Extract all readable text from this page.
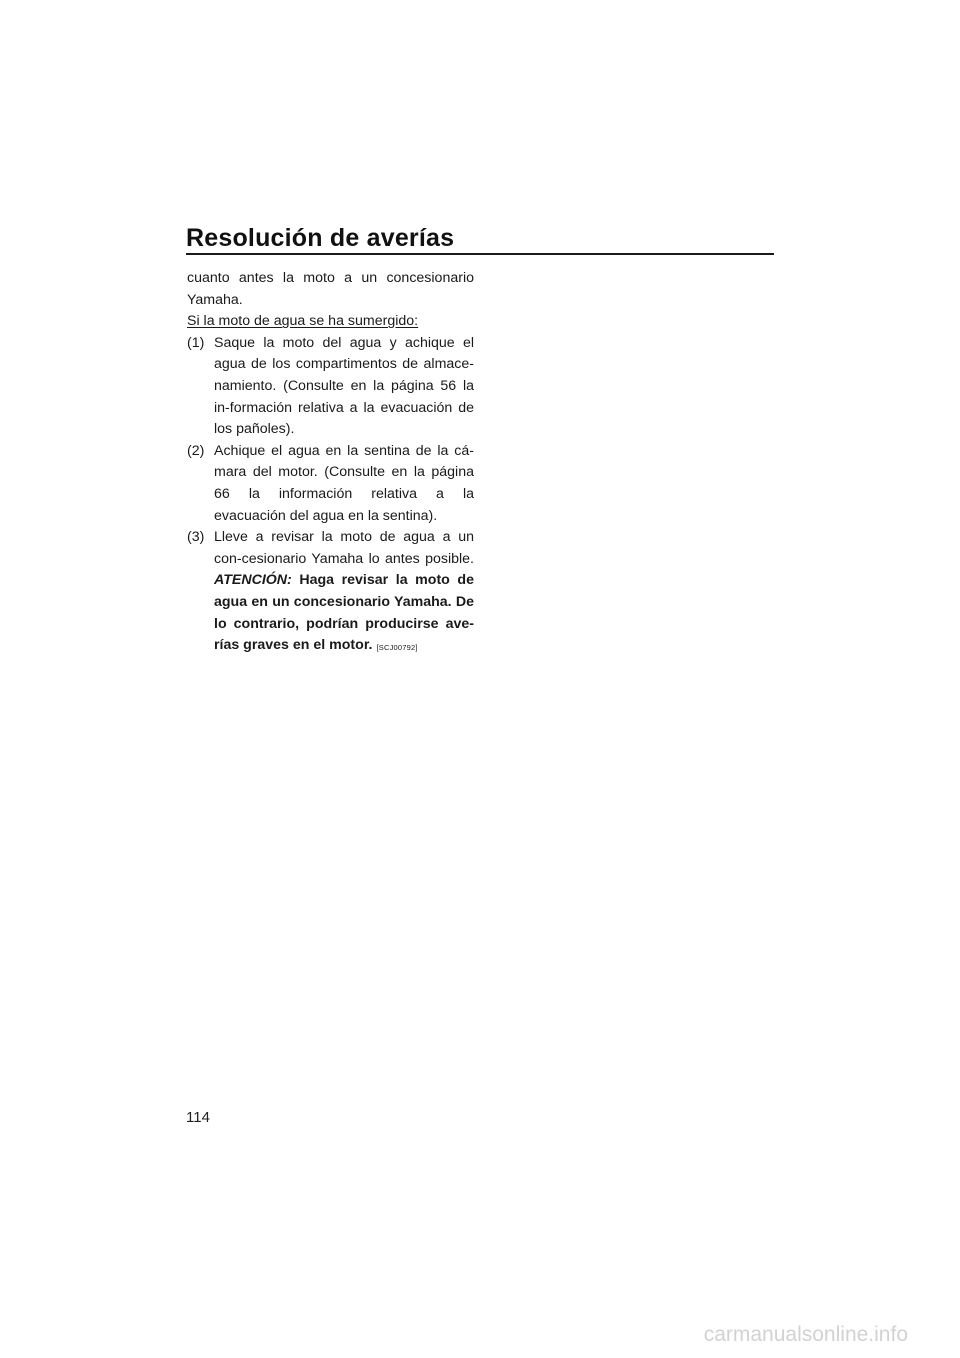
Resolución de averías

cuanto antes la moto a un concesionario Yamaha.

Si la moto de agua se ha sumergido:

(1) Saque la moto del agua y achique el agua de los compartimentos de almace-namiento. (Consulte en la página 56 la in-formación relativa a la evacuación de los pañoles).
(2) Achique el agua en la sentina de la cá-mara del motor. (Consulte en la página 66 la información relativa a la evacuación del agua en la sentina).
(3) Lleve a revisar la moto de agua a un con-cesionario Yamaha lo antes posible. ATENCIÓN: Haga revisar la moto de agua en un concesionario Yamaha. De lo contrario, podrían producirse ave-rías graves en el motor. [SCJ00792]
114
carmanualsonline.info
